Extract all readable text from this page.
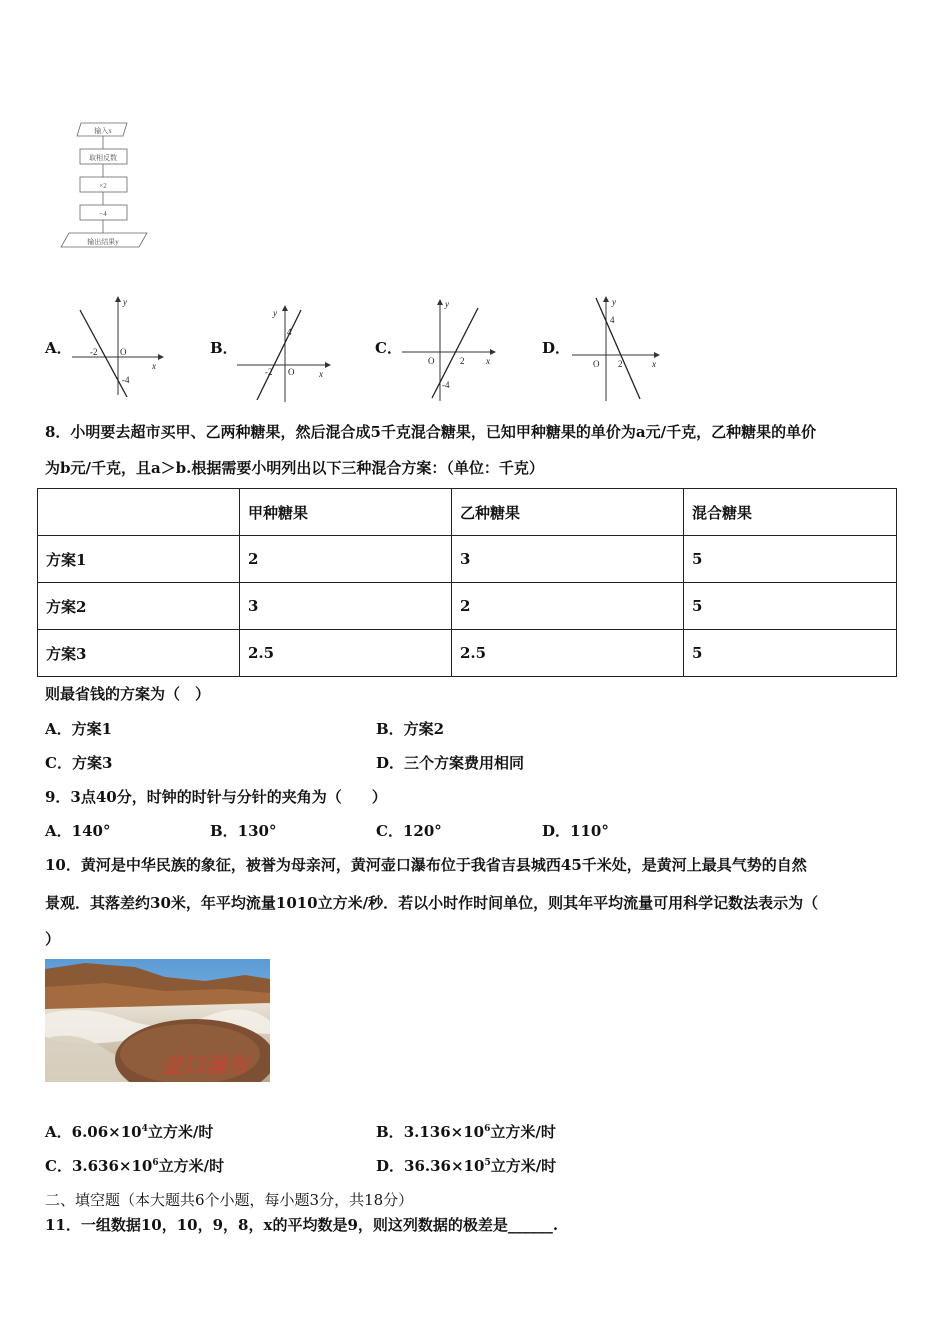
输入x
取相反数
×2
−4
输出结果y
A．
y
x
-2	O
-4
B．
y
x
4
-2 O
C．
y
x
O	2
-4
D．
y
x
4
O 2
8．小明要去超市买甲、乙两种糖果，然后混合成5千克混合糖果，已知甲种糖果的单价为a元/千克，乙种糖果的单价
为b元/千克，且a＞b.根据需要小明列出以下三种混合方案：（单位：千克）
	甲种糖果	乙种糖果	混合糖果
方案1	2	3	5
方案2	3	2	5
方案3	2.5	2.5	5
则最省钱的方案为（　）
A．方案1	B．方案2
C．方案3	D．三个方案费用相同
9．3点40分，时钟的时针与分针的夹角为（　　）
A．140°	B．130°	C．120°	D．110°
10．黄河是中华民族的象征，被誉为母亲河，黄河壶口瀑布位于我省吉县城西45千米处，是黄河上最具气势的自然
景观．其落差约30米，年平均流量1010立方米/秒．若以小时作时间单位，则其年平均流量可用科学记数法表示为（
）
壶口瀑布
A．$6.06\times 10^4$立方米/时	B．$3.136\times 10^6$立方米/时
C．$3.636\times 10^6$立方米/时	D．$36.36\times 10^5$立方米/时
二、填空题（本大题共6个小题，每小题3分，共18分）
11．一组数据10，10，9，8，x的平均数是9，则这列数据的极差是______.
